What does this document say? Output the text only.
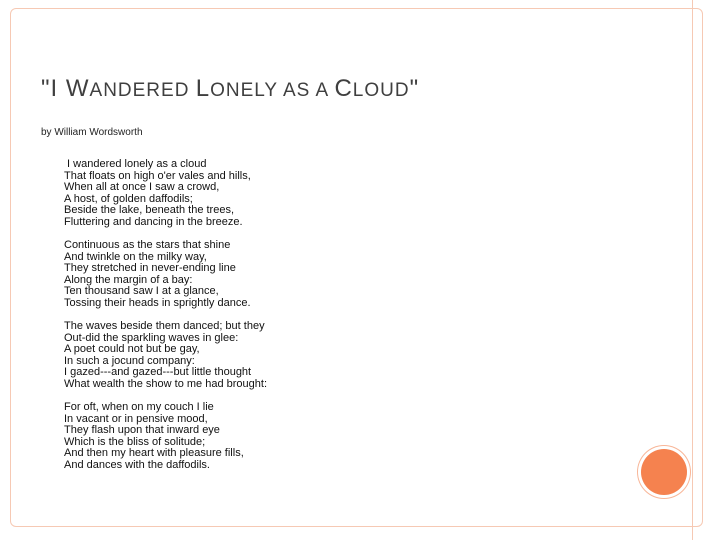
"I WANDERED LONELY AS A CLOUD"

by William Wordsworth

I wandered lonely as a cloud
That floats on high o'er vales and hills,
When all at once I saw a crowd,
A host, of golden daffodils;
Beside the lake, beneath the trees,
Fluttering and dancing in the breeze.
Continuous as the stars that shine
And twinkle on the milky way,
They stretched in never-ending line
Along the margin of a bay:
Ten thousand saw I at a glance,
Tossing their heads in sprightly dance.
The waves beside them danced; but they
Out-did the sparkling waves in glee:
A poet could not but be gay,
In such a jocund company:
I gazed---and gazed---but little thought
What wealth the show to me had brought:
For oft, when on my couch I lie
In vacant or in pensive mood,
They flash upon that inward eye
Which is the bliss of solitude;
And then my heart with pleasure fills,
And dances with the daffodils.
